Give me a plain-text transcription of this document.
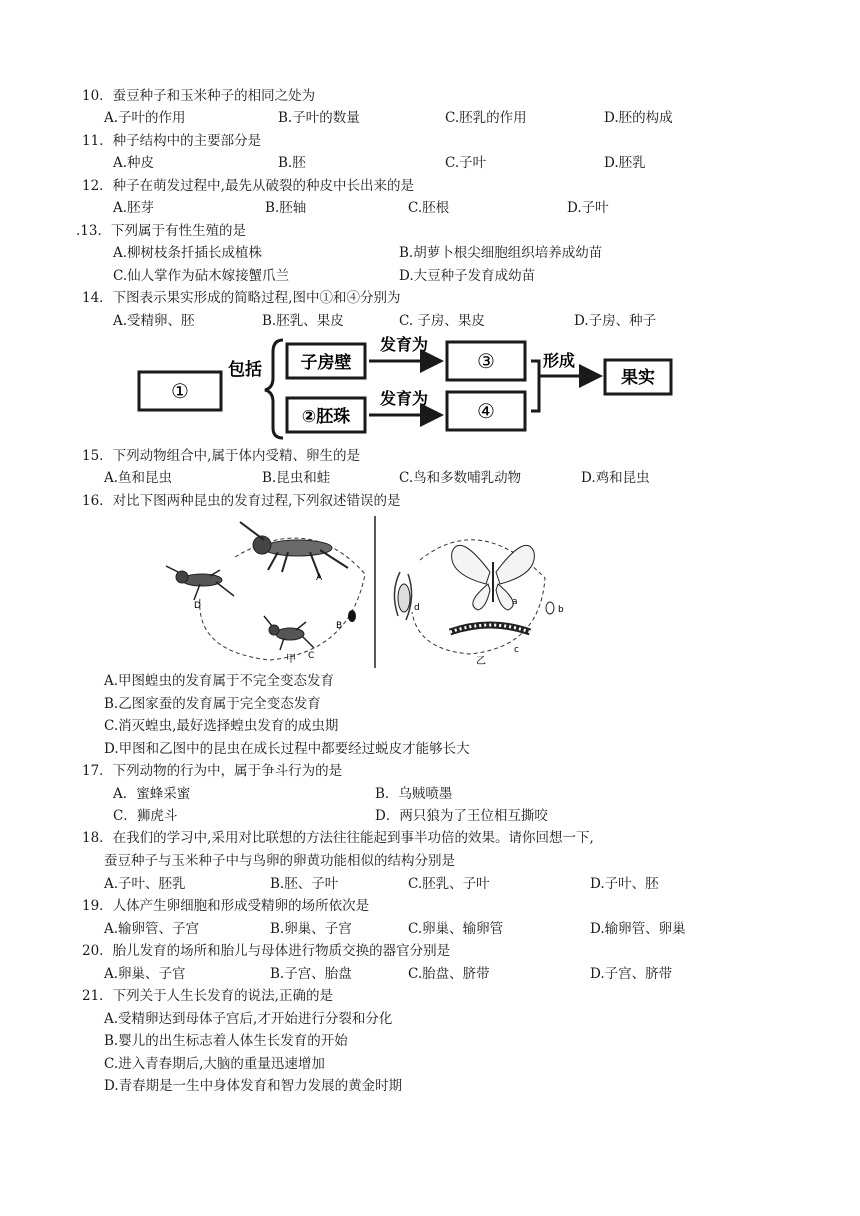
10．蚕豆种子和玉米种子的相同之处为
A.子叶的作用	B.子叶的数量	C.胚乳的作用	D.胚的构成
11．种子结构中的主要部分是
A.种皮	B.胚	C.子叶	D.胚乳
12．种子在萌发过程中,最先从破裂的种皮中长出来的是
A.胚芽	B.胚轴	C.胚根	D.子叶
.13．下列属于有性生殖的是
A.柳树枝条扦插长成植株	B.胡萝卜根尖细胞组织培养成幼苗
C.仙人掌作为砧木嫁接蟹爪兰	D.大豆种子发育成幼苗
14．下图表示果实形成的简略过程,图中①和④分别为
A.受精卵、胚	B.胚乳、果皮	C. 子房、果皮	D.子房、种子
①
包括 子房壁
②胚珠
发育为
发育为
③
④
形成
果实
15．下列动物组合中,属于体内受精、卵生的是
A.鱼和昆虫	B.昆虫和蛙	C.鸟和多数哺乳动物	D.鸡和昆虫
16．对比下图两种昆虫的发育过程,下列叙述错误的是
A
B
C
D
甲
a
b
c
d
乙
A.甲图蝗虫的发育属于不完全变态发育
B.乙图家蚕的发育属于完全变态发育
C.消灭蝗虫,最好选择蝗虫发育的成虫期
D.甲图和乙图中的昆虫在成长过程中都要经过蜕皮才能够长大
17．下列动物的行为中，属于争斗行为的是
A．蜜蜂采蜜	B．乌贼喷墨
C．狮虎斗	D．两只狼为了王位相互撕咬
18．在我们的学习中,采用对比联想的方法往往能起到事半功倍的效果。请你回想一下,
蚕豆种子与玉米种子中与鸟卵的卵黄功能相似的结构分别是
A.子叶、胚乳	B.胚、子叶	C.胚乳、子叶	D.子叶、胚
19．人体产生卵细胞和形成受精卵的场所依次是
A.输卵管、子宫	B.卵巢、子宫	C.卵巢、输卵管	D.输卵管、卵巢
20．胎儿发育的场所和胎儿与母体进行物质交换的器官分别是
A.卵巢、子官	B.子宫、胎盘	C.胎盘、脐带	D.子宫、脐带
21．下列关于人生长发育的说法,正确的是
A.受精卵达到母体子宫后,才开始进行分裂和分化
B.婴儿的出生标志着人体生长发育的开始
C.进入青春期后,大脑的重量迅速增加
D.青春期是一生中身体发育和智力发展的黄金时期
